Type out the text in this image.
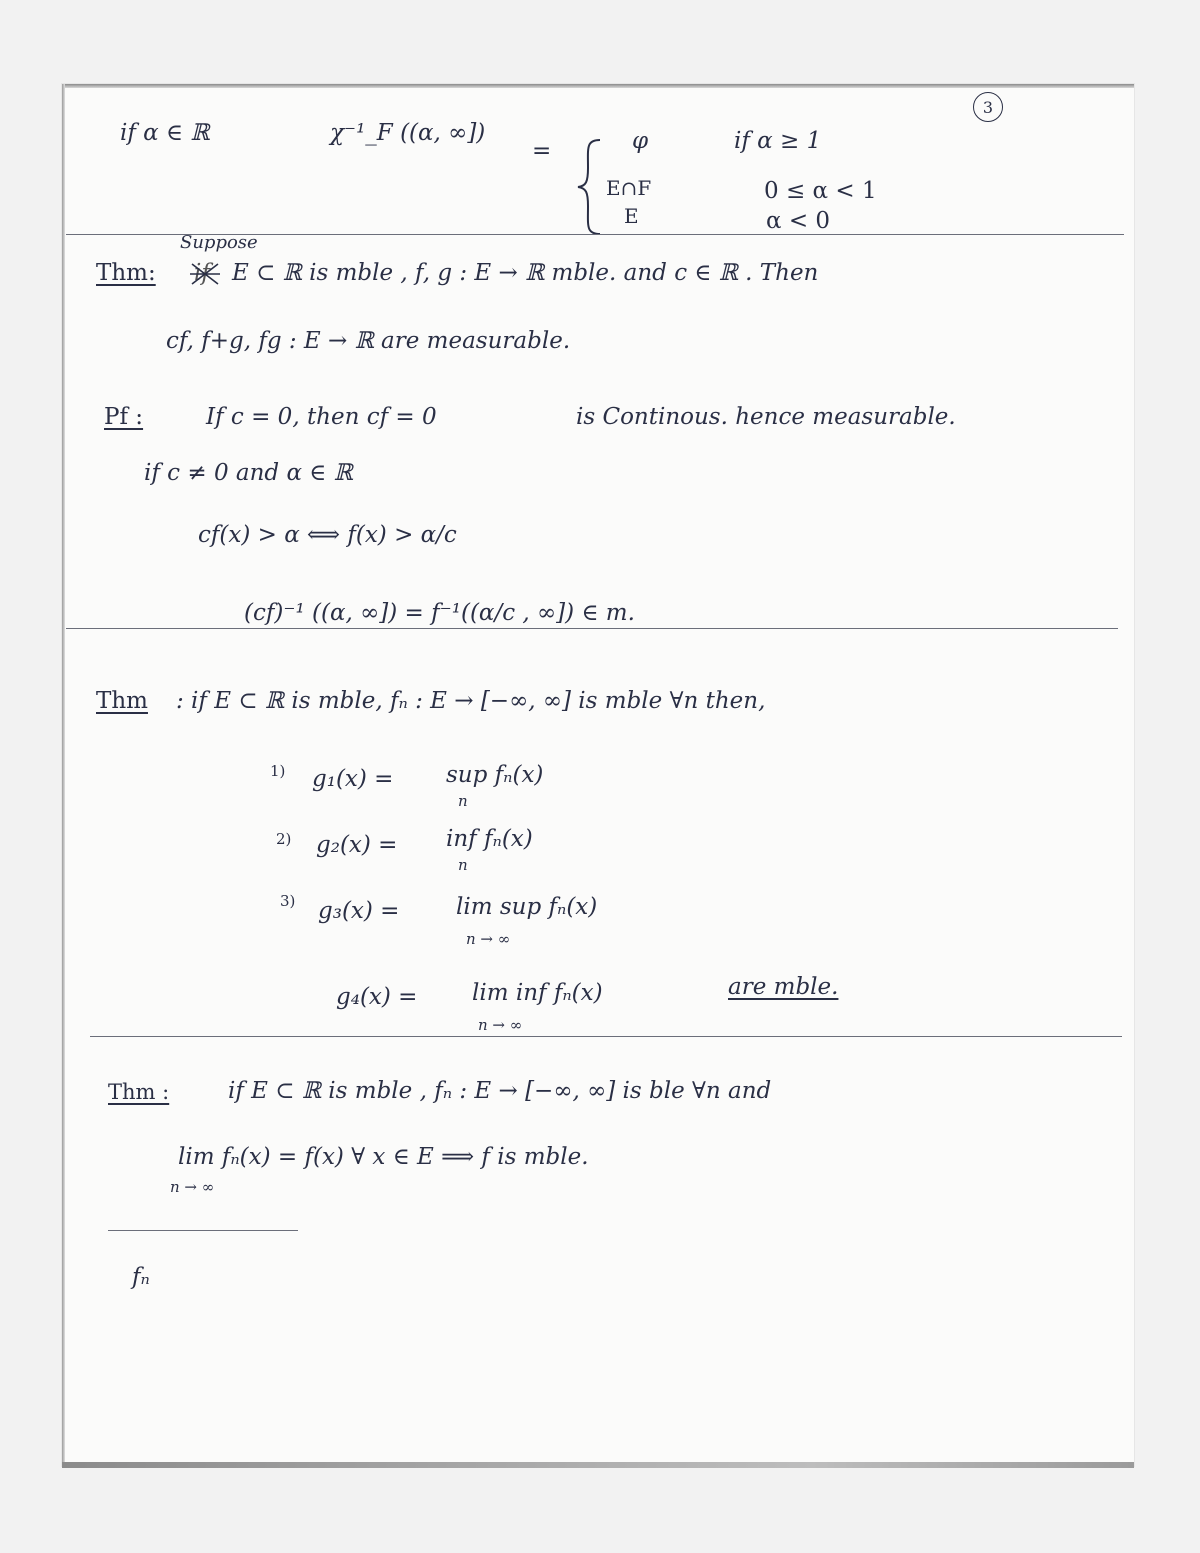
3
if α ∈ ℝ	χ⁻¹_F ((α, ∞])
=	φ	if α ≥ 1
E∩F	0 ≤ α < 1
E	α < 0
Suppose
Thm: if E ⊂ ℝ is mble , f, g : E → ℝ mble. and c ∈ ℝ . Then
cf, f+g, fg : E → ℝ are measurable.
Pf :	If c = 0, then cf = 0	is Continous. hence measurable.
if c ≠ 0 and α ∈ ℝ
cf(x) > α ⟺ f(x) > α/c
(cf)⁻¹ ((α, ∞]) = f⁻¹((α/c , ∞]) ∈ m.
Thm : if E ⊂ ℝ is mble, fₙ : E → [−∞, ∞] is mble ∀n then,
1) g₁(x) = sup fₙ(x)
n
2) g₂(x) = inf fₙ(x)
n
3) g₃(x) = lim sup fₙ(x)
n → ∞
g₄(x) = lim inf fₙ(x)
n → ∞
are mble.
Thm :	if E ⊂ ℝ is mble , fₙ : E → [−∞, ∞] is ble ∀n and
lim fₙ(x) = f(x) ∀ x ∈ E ⟹ f is mble.
n → ∞
fₙ
